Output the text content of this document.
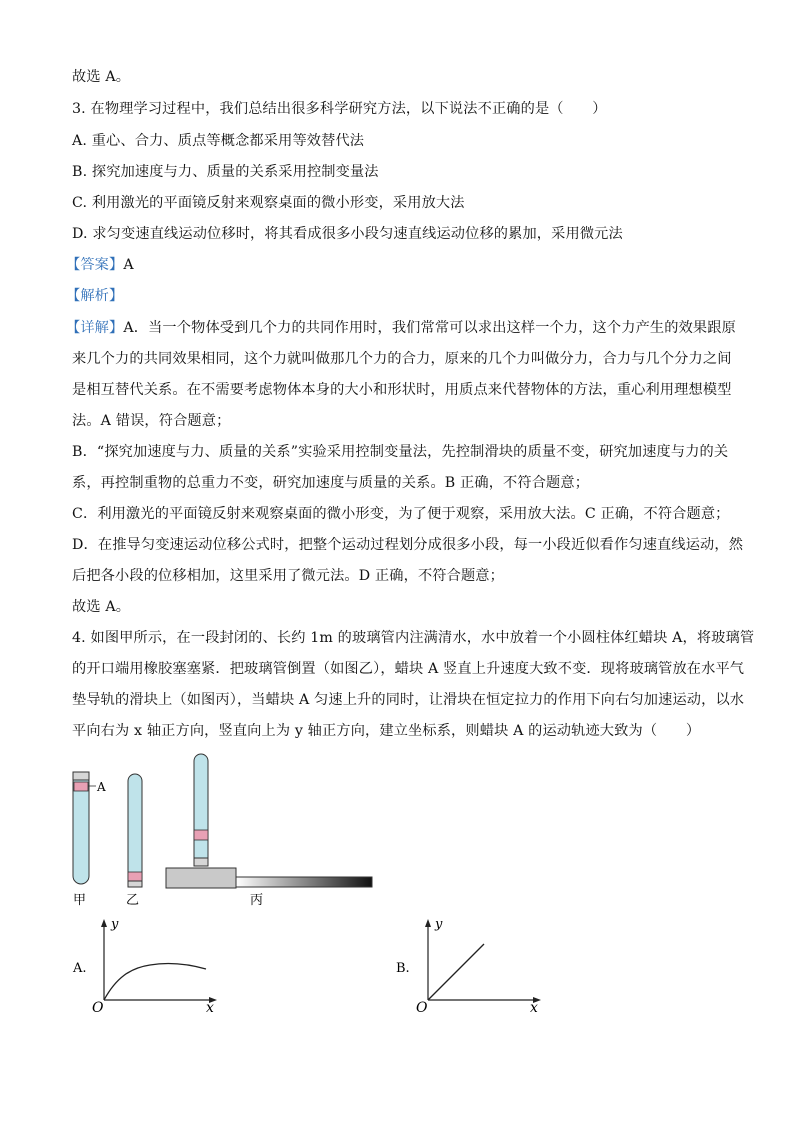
故选 A。
3. 在物理学习过程中，我们总结出很多科学研究方法，以下说法不正确的是（　　）
A. 重心、合力、质点等概念都采用等效替代法
B. 探究加速度与力、质量的关系采用控制变量法
C. 利用激光的平面镜反射来观察桌面的微小形变，采用放大法
D. 求匀变速直线运动位移时，将其看成很多小段匀速直线运动位移的累加，采用微元法
【答案】A
【解析】
【详解】A．当一个物体受到几个力的共同作用时，我们常常可以求出这样一个力，这个力产生的效果跟原
来几个力的共同效果相同，这个力就叫做那几个力的合力，原来的几个力叫做分力，合力与几个分力之间
是相互替代关系。在不需要考虑物体本身的大小和形状时，用质点来代替物体的方法，重心利用理想模型
法。A 错误，符合题意；
B．“探究加速度与力、质量的关系”实验采用控制变量法，先控制滑块的质量不变，研究加速度与力的关
系，再控制重物的总重力不变，研究加速度与质量的关系。B 正确，不符合题意；
C．利用激光的平面镜反射来观察桌面的微小形变，为了便于观察，采用放大法。C 正确，不符合题意；
D．在推导匀变速运动位移公式时，把整个运动过程划分成很多小段，每一小段近似看作匀速直线运动，然
后把各小段的位移相加，这里采用了微元法。D 正确，不符合题意；
故选 A。
4. 如图甲所示，在一段封闭的、长约 1m 的玻璃管内注满清水，水中放着一个小圆柱体红蜡块 A，将玻璃管
的开口端用橡胶塞塞紧．把玻璃管倒置（如图乙），蜡块 A 竖直上升速度大致不变．现将玻璃管放在水平气
垫导轨的滑块上（如图丙），当蜡块 A 匀速上升的同时，让滑块在恒定拉力的作用下向右匀加速运动，以水
平向右为 x 轴正方向，竖直向上为 y 轴正方向，建立坐标系，则蜡块 A 的运动轨迹大致为（　　）
A
甲	乙	丙
A.
y
O	x
B.
y
O	x
